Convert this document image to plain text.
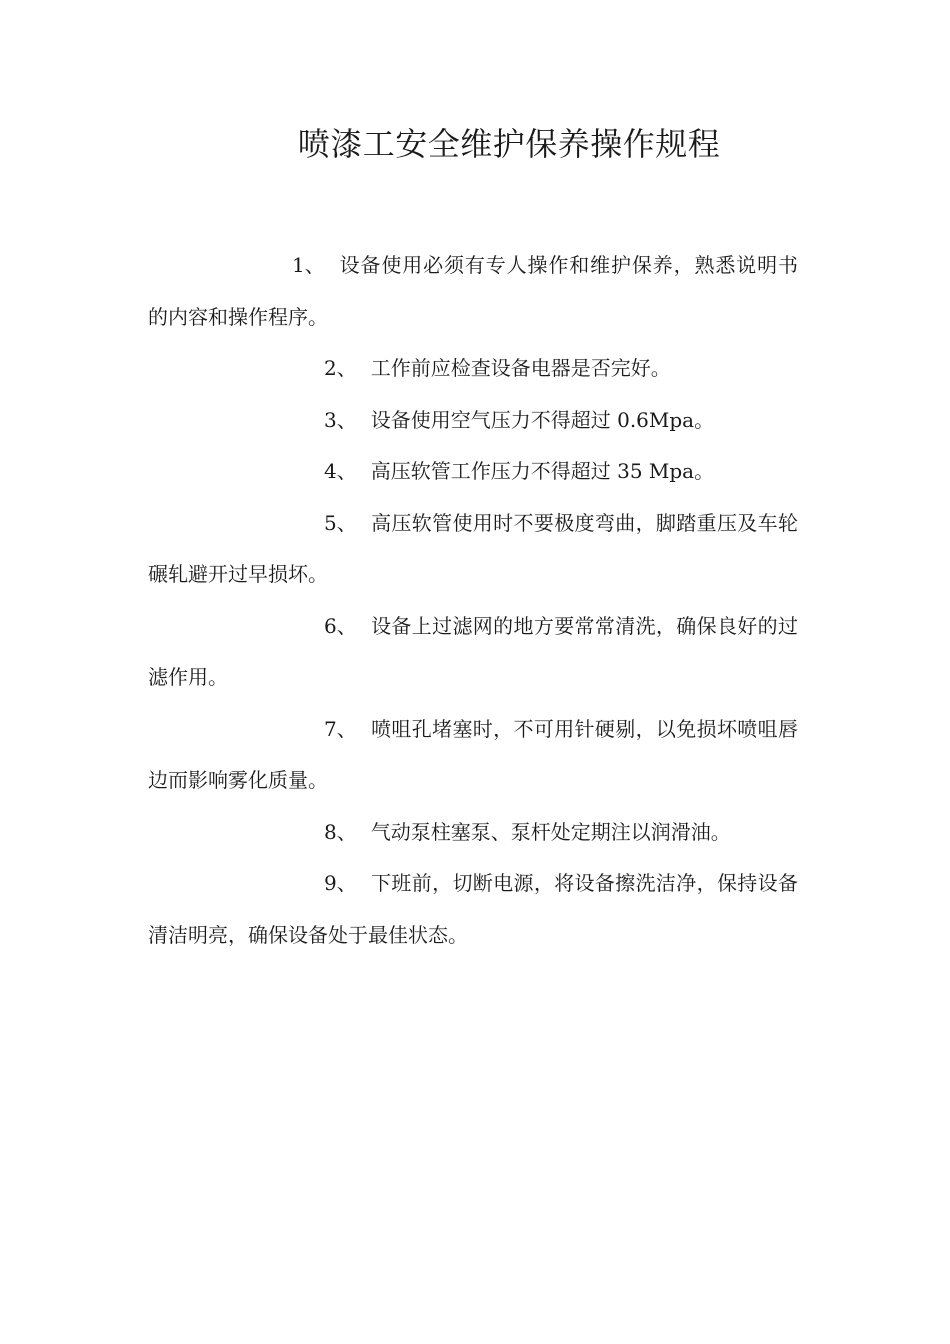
喷漆工安全维护保养操作规程

1、 设备使用必须有专人操作和维护保养，熟悉说明书的内容和操作程序。

2、 工作前应检查设备电器是否完好。

3、 设备使用空气压力不得超过 0.6Mpa。

4、 高压软管工作压力不得超过 35 Mpa。

5、 高压软管使用时不要极度弯曲，脚踏重压及车轮碾轧避开过早损坏。

6、 设备上过滤网的地方要常常清洗，确保良好的过滤作用。

7、 喷咀孔堵塞时，不可用针硬剔，以免损坏喷咀唇边而影响雾化质量。

8、 气动泵柱塞泵、泵杆处定期注以润滑油。

9、 下班前，切断电源，将设备擦洗洁净，保持设备清洁明亮，确保设备处于最佳状态。
